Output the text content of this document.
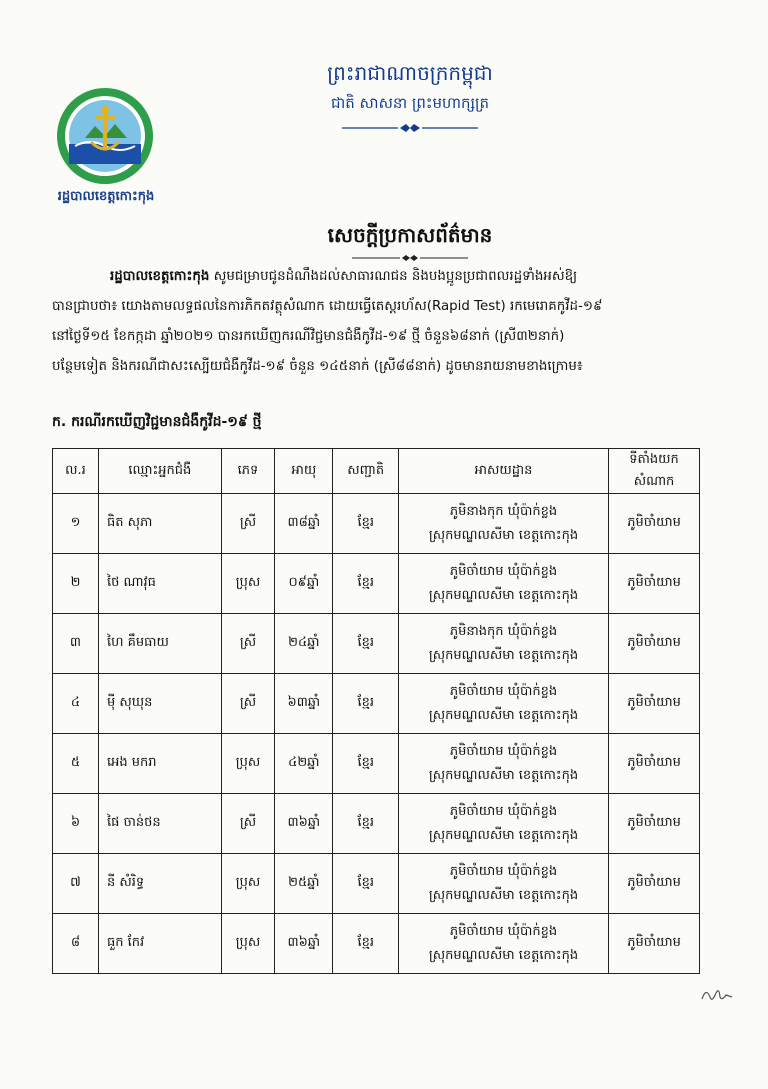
រដ្ឋបាលខេត្តកោះកុង
ព្រះរាជាណាចក្រកម្ពុជា
ជាតិ សាសនា ព្រះមហាក្សត្រ
សេចក្តីប្រកាសព័ត៌មាន

រដ្ឋបាលខេត្តកោះកុង សូមជម្រាបជូនដំណឹងដល់សាធារណជន និងបងប្អូនប្រជាពលរដ្ឋទាំងអស់ឱ្យ

បានជ្រាបថា៖ យោងតាមលទ្ធផលនៃការភិកតវត្ថុសំណាក ដោយធ្វើតេស្តរហ័ស(Rapid Test) រកមេរោគកូវីដ-១៩

នៅថ្ងៃទី១៥ ខែកក្កដា ឆ្នាំ២០២១ បានរកឃើញករណីវិជ្ជមានជំងឺកូវីដ-១៩ ថ្មី ចំនួន៦៨នាក់ (ស្រី៣២នាក់)

បន្ថែមទៀត និងករណីជាសះស្បើយជំងឺកូវីដ-១៩ ចំនួន ១៤៥នាក់ (ស្រី៨៨នាក់) ដូចមានរាយនាមខាងក្រោម៖

ក. ករណីរកឃើញវិជ្ជមានជំងឺកូវីដ-១៩ ថ្មី
ល.រ	ឈ្មោះអ្នកជំងឺ	ភេទ	អាយុ	សញ្ជាតិ	អាសយដ្ឋាន	ទីតាំងយក
សំណាក
១	ធិត សុភា	ស្រី	៣៨ឆ្នាំ	ខ្មែរ	ភូមិនាងកុក ឃុំប៉ាក់ខ្លង
ស្រុកមណ្ឌលសីមា ខេត្តកោះកុង	ភូមិចាំយាម
២	ថៃ ណាវុធ	ប្រុស	០៩ឆ្នាំ	ខ្មែរ	ភូមិចាំយាម ឃុំប៉ាក់ខ្លង
ស្រុកមណ្ឌលសីមា ខេត្តកោះកុង	ភូមិចាំយាម
៣	ហៃ គឹមធាយ	ស្រី	២៤ឆ្នាំ	ខ្មែរ	ភូមិនាងកុក ឃុំប៉ាក់ខ្លង
ស្រុកមណ្ឌលសីមា ខេត្តកោះកុង	ភូមិចាំយាម
៤	ម៉ី សុឃុន	ស្រី	៦៣ឆ្នាំ	ខ្មែរ	ភូមិចាំយាម ឃុំប៉ាក់ខ្លង
ស្រុកមណ្ឌលសីមា ខេត្តកោះកុង	ភូមិចាំយាម
៥	អេង មករា	ប្រុស	៤២ឆ្នាំ	ខ្មែរ	ភូមិចាំយាម ឃុំប៉ាក់ខ្លង
ស្រុកមណ្ឌលសីមា ខេត្តកោះកុង	ភូមិចាំយាម
៦	ផៃ ចាន់ថន	ស្រី	៣៦ឆ្នាំ	ខ្មែរ	ភូមិចាំយាម ឃុំប៉ាក់ខ្លង
ស្រុកមណ្ឌលសីមា ខេត្តកោះកុង	ភូមិចាំយាម
៧	នី សំរិទ្ធ	ប្រុស	២៥ឆ្នាំ	ខ្មែរ	ភូមិចាំយាម ឃុំប៉ាក់ខ្លង
ស្រុកមណ្ឌលសីមា ខេត្តកោះកុង	ភូមិចាំយាម
៨	ធួក កែវ	ប្រុស	៣៦ឆ្នាំ	ខ្មែរ	ភូមិចាំយាម ឃុំប៉ាក់ខ្លង
ស្រុកមណ្ឌលសីមា ខេត្តកោះកុង	ភូមិចាំយាម
